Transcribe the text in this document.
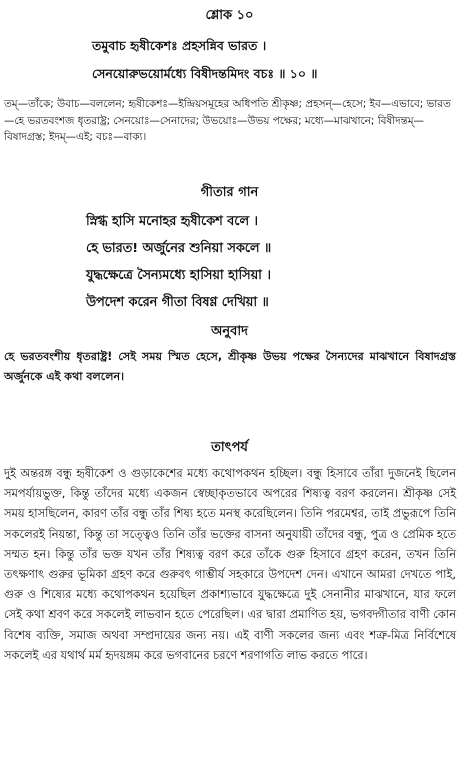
শ্লোক ১০
তমুবাচ হৃষীকেশঃ প্রহসন্নিব ভারত ।
সেনয়োরুভয়োর্মধ্যে বিষীদন্তমিদং বচঃ ॥ ১০ ॥
তম্—তাঁকে; উবাচ—বললেন; হৃষীকেশঃ—ইন্দ্রিয়সমূহের অধিপতি শ্রীকৃষ্ণ; প্রহসন্—হেসে; ইব—এভাবে; ভারত—হে ভরতবংশজ ধৃতরাষ্ট্র; সেনয়োঃ—সেনাদের; উভয়োঃ—উভয় পক্ষের; মধ্যে—মাঝখানে; বিষীদন্তম্—বিষাদগ্রস্ত; ইদম্—এই; বচঃ—বাক্য।
গীতার গান
স্নিগ্ধ হাসি মনোহর হৃষীকেশ বলে ।
হে ভারত! অর্জুনের শুনিয়া সকলে ॥
যুদ্ধক্ষেত্রে সৈন্যমধ্যে হাসিয়া হাসিয়া ।
উপদেশ করেন গীতা বিষণ্ণ দেখিয়া ॥
অনুবাদ
হে ভরতবংশীয় ধৃতরাষ্ট্র! সেই সময় স্মিত হেসে, শ্রীকৃষ্ণ উভয় পক্ষের সৈন্যদের মাঝখানে বিষাদগ্রস্ত অর্জুনকে এই কথা বললেন।
তাৎপর্য
দুই অন্তরঙ্গ বন্ধু হৃষীকেশ ও গুড়াকেশের মধ্যে কথোপকথন হচ্ছিল। বন্ধু হিসাবে তাঁরা দুজনেই ছিলেন সমপর্যায়ভুক্ত, কিন্তু তাঁদের মধ্যে একজন স্বেচ্ছাকৃতভাবে অপরের শিষ্যত্ব বরণ করলেন। শ্রীকৃষ্ণ সেই সময় হাসছিলেন, কারণ তাঁর বন্ধু তাঁর শিষ্য হতে মনস্থ করেছিলেন। তিনি পরমেশ্বর, তাই প্রভুরূপে তিনি সকলেরই নিয়ন্তা, কিন্তু তা সত্ত্বেও তিনি তাঁর ভক্তের বাসনা অনুযায়ী তাঁদের বন্ধু, পুত্র ও প্রেমিক হতে সম্মত হন। কিন্তু তাঁর ভক্ত যখন তাঁর শিষ্যত্ব বরণ করে তাঁকে গুরু হিসাবে গ্রহণ করেন, তখন তিনি তৎক্ষণাৎ গুরুর ভূমিকা গ্রহণ করে গুরুবৎ গাম্ভীর্য সহকারে উপদেশ দেন। এখানে আমরা দেখতে পাই, গুরু ও শিষ্যের মধ্যে কথোপকথন হয়েছিল প্রকাশ্যভাবে যুদ্ধক্ষেত্রে দুই সেনানীর মাঝখানে, যার ফলে সেই কথা শ্রবণ করে সকলেই লাভবান হতে পেরেছিল। এর দ্বারা প্রমাণিত হয়, ভগবদ্গীতার বাণী কোন বিশেষ ব্যক্তি, সমাজ অথবা সম্প্রদায়ের জন্য নয়। এই বাণী সকলের জন্য এবং শত্রু-মিত্র নির্বিশেষে সকলেই এর যথার্থ মর্ম হৃদয়ঙ্গম করে ভগবানের চরণে শরণাগতি লাভ করতে পারে।
